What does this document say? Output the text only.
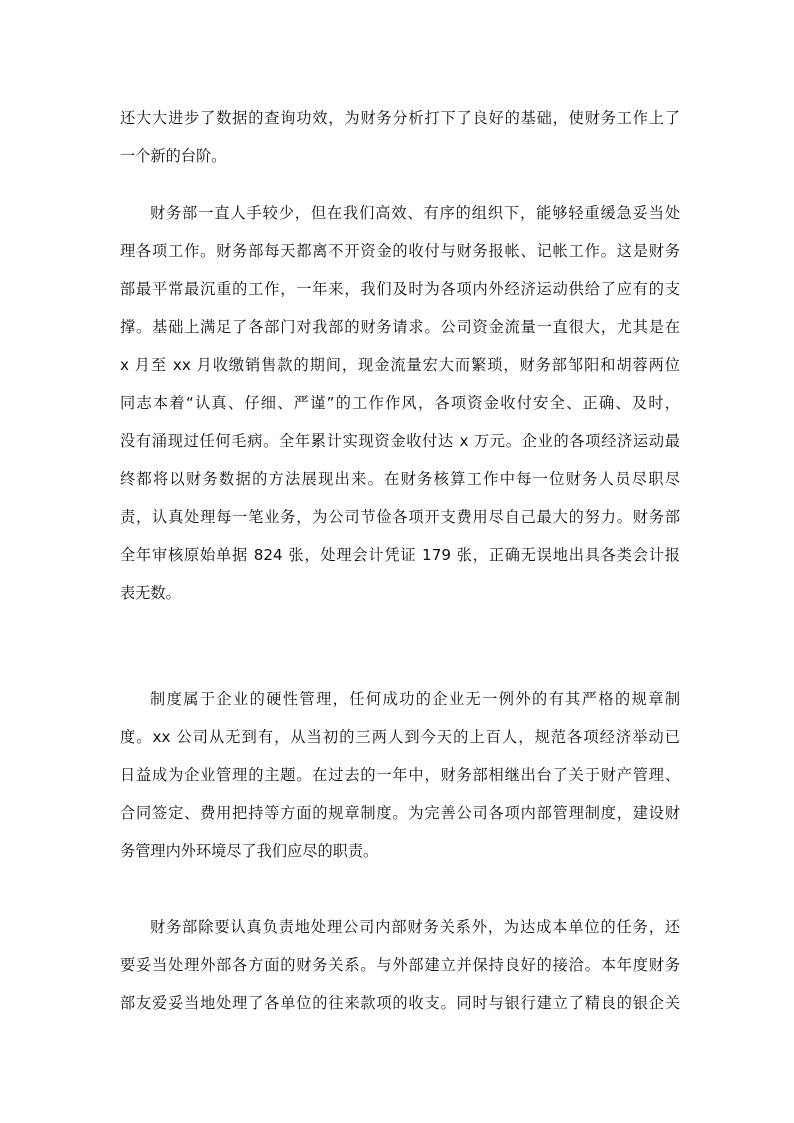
还大大进步了数据的查询功效，为财务分析打下了良好的基础，使财务工作上了
一个新的台阶。
财务部一直人手较少，但在我们高效、有序的组织下，能够轻重缓急妥当处
理各项工作。财务部每天都离不开资金的收付与财务报帐、记帐工作。这是财务
部最平常最沉重的工作，一年来，我们及时为各项内外经济运动供给了应有的支
撑。基础上满足了各部门对我部的财务请求。公司资金流量一直很大，尤其是在
x 月至 xx 月收缴销售款的期间，现金流量宏大而繁琐，财务部邹阳和胡蓉两位
同志本着“认真、仔细、严谨”的工作作风，各项资金收付安全、正确、及时，
没有涌现过任何毛病。全年累计实现资金收付达 x 万元。企业的各项经济运动最
终都将以财务数据的方法展现出来。在财务核算工作中每一位财务人员尽职尽
责，认真处理每一笔业务，为公司节俭各项开支费用尽自己最大的努力。财务部
全年审核原始单据 824 张，处理会计凭证 179 张，正确无误地出具各类会计报
表无数。
制度属于企业的硬性管理，任何成功的企业无一例外的有其严格的规章制
度。xx 公司从无到有，从当初的三两人到今天的上百人，规范各项经济举动已
日益成为企业管理的主题。在过去的一年中，财务部相继出台了关于财产管理、
合同签定、费用把持等方面的规章制度。为完善公司各项内部管理制度，建设财
务管理内外环境尽了我们应尽的职责。
财务部除要认真负责地处理公司内部财务关系外，为达成本单位的任务，还
要妥当处理外部各方面的财务关系。与外部建立并保持良好的接洽。本年度财务
部友爱妥当地处理了各单位的往来款项的收支。同时与银行建立了精良的银企关
